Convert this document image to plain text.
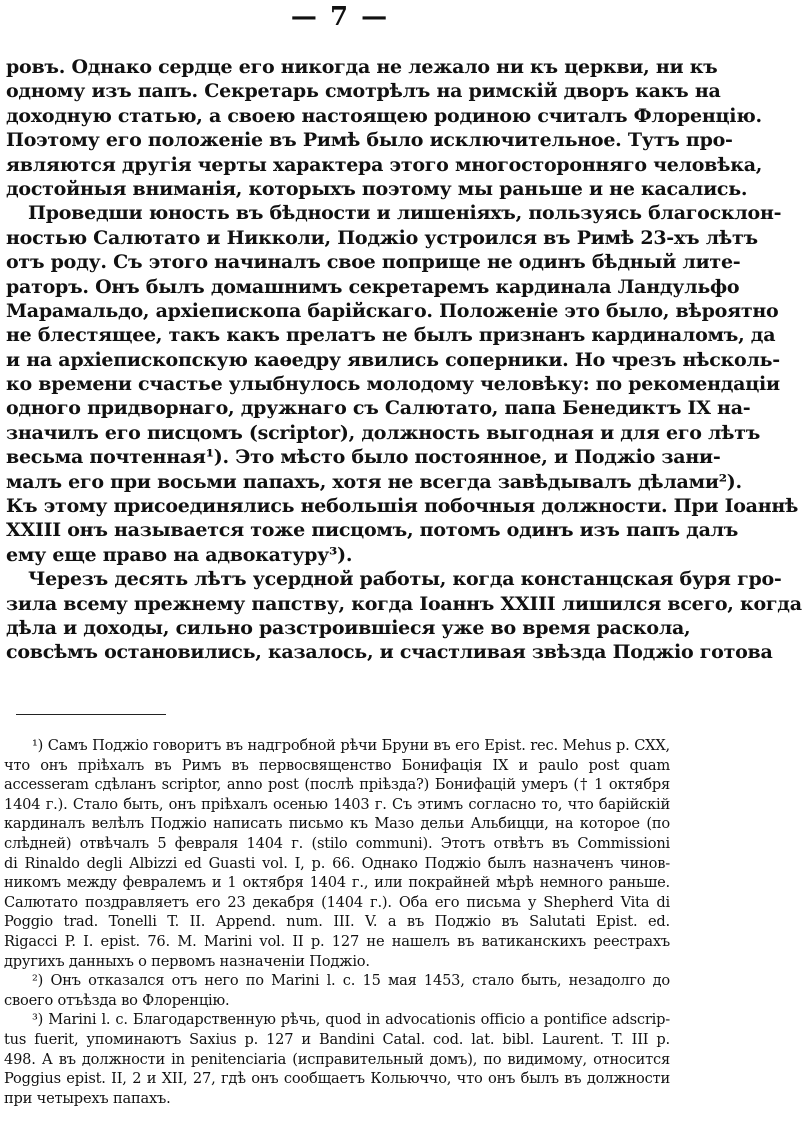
— 7 —
ровъ. Однако сердце его никогда не лежало ни къ церкви, ни къ
одному изъ папъ. Секретарь смотрѣлъ на римскій дворъ какъ на
доходную статью, а своею настоящею родиною считалъ Флоренцію.
Поэтому его положеніе въ Римѣ было исключительное. Тутъ про-
являются другія черты характера этого многосторонняго человѣка,
достойныя вниманія, которыхъ поэтому мы раньше и не касались.
Проведши юность въ бѣдности и лишеніяхъ, пользуясь благосклон-
ностью Салютато и Никколи, Поджіо устроился въ Римѣ 23-хъ лѣтъ
отъ роду. Съ этого начиналъ свое поприще не одинъ бѣдный лите-
раторъ. Онъ былъ домашнимъ секретаремъ кардинала Ландульфо
Марамальдо, архіепископа барійскаго. Положеніе это было, вѣроятно
не блестящее, такъ какъ прелатъ не былъ признанъ кардиналомъ, да
и на архіепископскую каѳедру явились соперники. Но чрезъ нѣсколь-
ко времени счастье улыбнулось молодому человѣку: по рекомендаціи
одного придворнаго, дружнаго съ Салютато, папа Бенедиктъ IX на-
значилъ его писцомъ (scriptor), должность выгодная и для его лѣтъ
весьма почтенная¹). Это мѣсто было постоянное, и Поджіо зани-
малъ его при восьми папахъ, хотя не всегда завѣдывалъ дѣлами²).
Къ этому присоединялись небольшія побочныя должности. При Іоаннѣ
XXIII онъ называется тоже писцомъ, потомъ одинъ изъ папъ далъ
ему еще право на адвокатуру³).
Черезъ десять лѣтъ усердной работы, когда констанцская буря гро-
зила всему прежнему папству, когда Іоаннъ XXIII лишился всего, когда
дѣла и доходы, сильно разстроившіеся уже во время раскола,
совсѣмъ остановились, казалось, и счастливая звѣзда Поджіо готова
¹) Самъ Поджіо говоритъ въ надгробной рѣчи Бруни въ его Epist. rec. Mehus p. CXX,
что онъ пріѣхалъ въ Римъ въ первосвященство Бонифація IX и paulo post quam
accesseram сдѣланъ scriptor, anno post (послѣ пріѣзда?) Бонифацій умеръ († 1 октября
1404 г.). Стало быть, онъ пріѣхалъ осенью 1403 г. Съ этимъ согласно то, что барійскій
кардиналъ велѣлъ Поджіо написать письмо къ Мазо дельи Альбицци, на которое (по
слѣдней) отвѣчалъ 5 февраля 1404 г. (stilo communi). Этотъ отвѣтъ въ Commissioni
di Rinaldo degli Albizzi ed Guasti vol. I, p. 66. Однако Поджіо былъ назначенъ чинов-
никомъ между февралемъ и 1 октября 1404 г., или покрайней мѣрѣ немного раньше.
Салютато поздравляетъ его 23 декабря (1404 г.). Оба его письма у Shepherd Vita di
Poggio trad. Tonelli T. II. Append. num. III. V. а въ Поджіо въ Salutati Epist. ed.
Rigacci P. I. epist. 76. M. Marini vol. II p. 127 не нашелъ въ ватиканскихъ реестрахъ
другихъ данныхъ о первомъ назначеніи Поджіо.
²) Онъ отказался отъ него по Marini l. c. 15 мая 1453, стало быть, незадолго до
своего отъѣзда во Флоренцію.
³) Marini l. c. Благодарственную рѣчь, quod in advocationis officio a pontifice adscrip-
tus fuerit, упоминаютъ Saxius p. 127 и Bandini Catal. cod. lat. bibl. Laurent. T. III p.
498. А въ должности in penitenciaria (исправительный домъ), по видимому, относится
Poggius epist. II, 2 и XII, 27, гдѣ онъ сообщаетъ Кольюччо, что онъ былъ въ должности
при четырехъ папахъ.
